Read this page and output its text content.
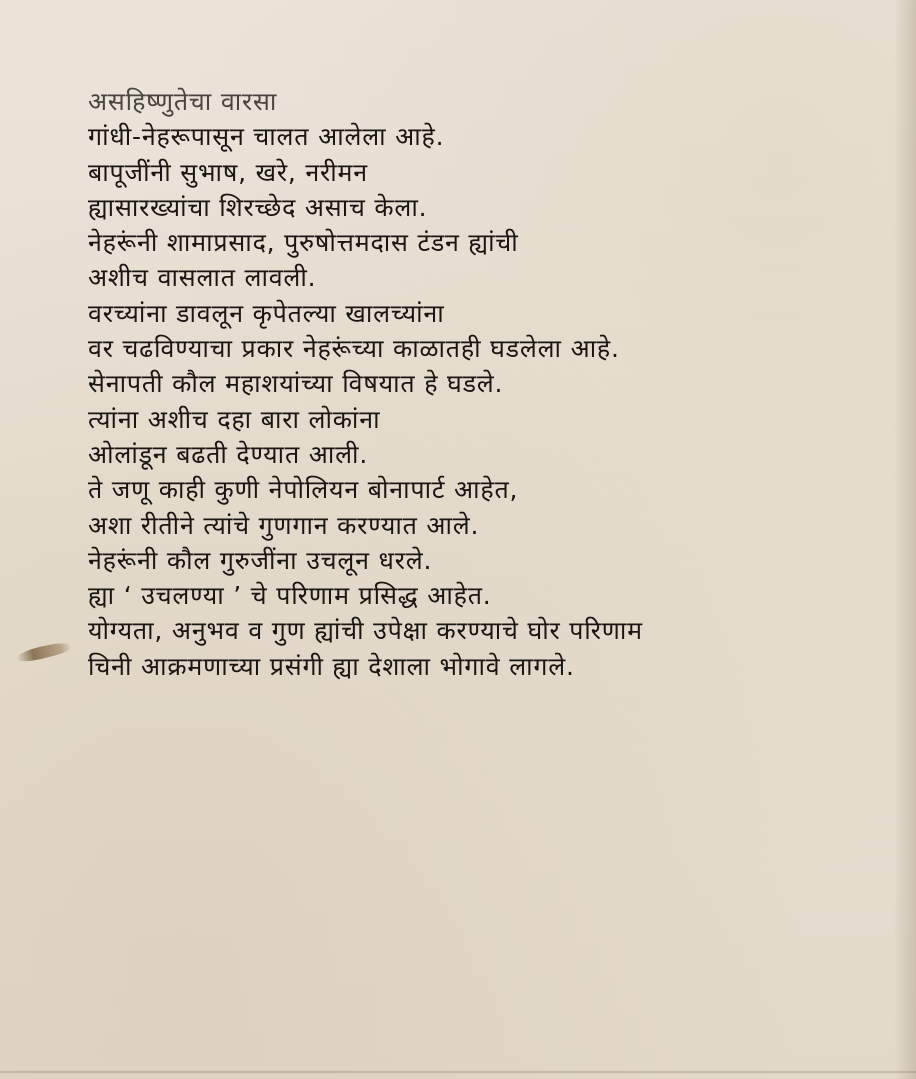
असहिष्णुतेचा वारसा
गांधी-नेहरूपासून चालत आलेला आहे.
बापूजींनी सुभाष, खरे, नरीमन
ह्यासारख्यांचा शिरच्छेद असाच केला.
नेहरूंनी शामाप्रसाद, पुरुषोत्तमदास टंडन ह्यांची
अशीच वासलात लावली.
वरच्यांना डावलून कृपेतल्या खालच्यांना
वर चढविण्याचा प्रकार नेहरूंच्या काळातही घडलेला आहे.
सेनापती कौल महाशयांच्या विषयात हे घडले.
त्यांना अशीच दहा बारा लोकांना
ओलांडून बढती देण्यात आली.
ते जणू काही कुणी नेपोलियन बोनापार्ट आहेत,
अशा रीतीने त्यांचे गुणगान करण्यात आले.
नेहरूंनी कौल गुरुजींना उचलून धरले.
ह्या ‘ उचलण्या ’ चे परिणाम प्रसिद्ध आहेत.
योग्यता, अनुभव व गुण ह्यांची उपेक्षा करण्याचे घोर परिणाम
चिनी आक्रमणाच्या प्रसंगी ह्या देशाला भोगावे लागले.
